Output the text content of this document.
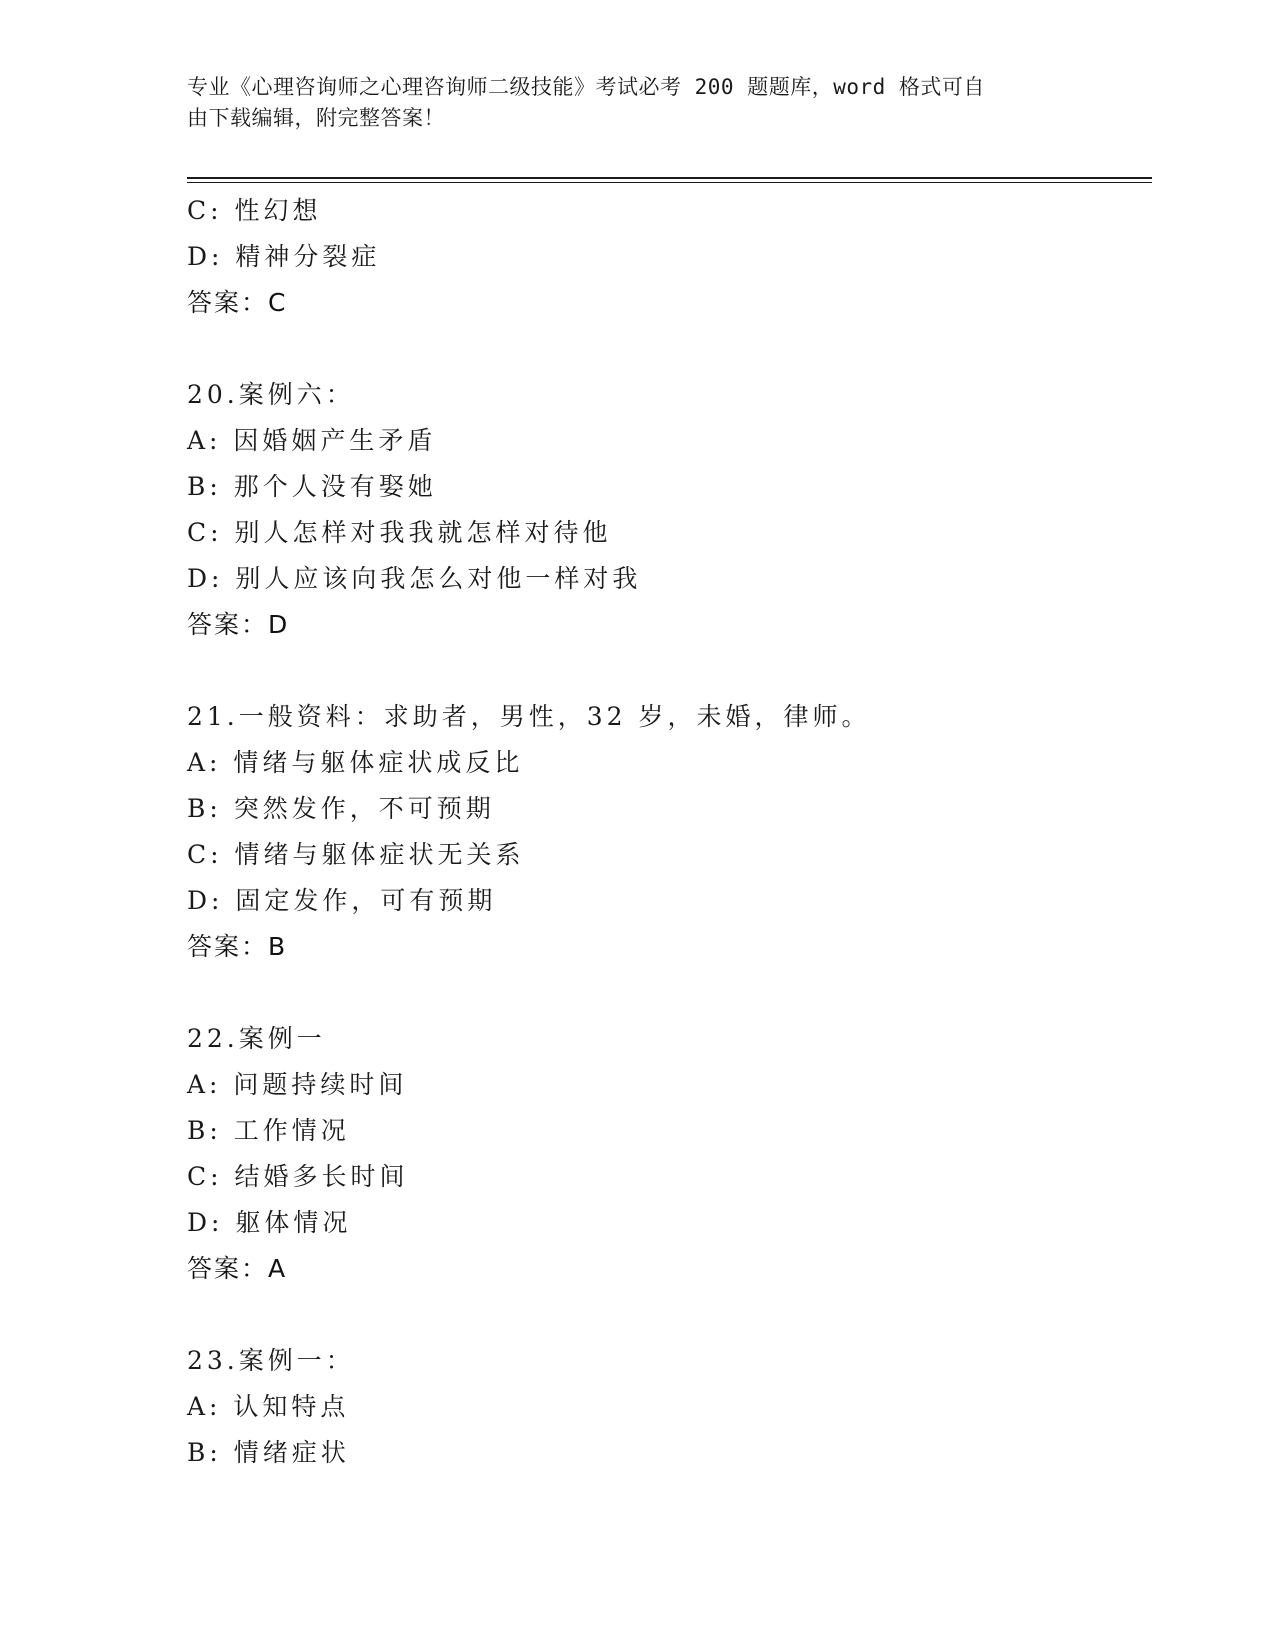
专业《心理咨询师之心理咨询师二级技能》考试必考 200 题题库，word 格式可自
由下载编辑，附完整答案！
C: 性幻想
D: 精神分裂症
答案：C
20.案例六：
A: 因婚姻产生矛盾
B: 那个人没有娶她
C: 别人怎样对我我就怎样对待他
D: 别人应该向我怎么对他一样对我
答案：D
21.一般资料：求助者，男性，32 岁，未婚，律师。
A: 情绪与躯体症状成反比
B: 突然发作，不可预期
C: 情绪与躯体症状无关系
D: 固定发作，可有预期
答案：B
22.案例一
A: 问题持续时间
B: 工作情况
C: 结婚多长时间
D: 躯体情况
答案：A
23.案例一：
A: 认知特点
B: 情绪症状
